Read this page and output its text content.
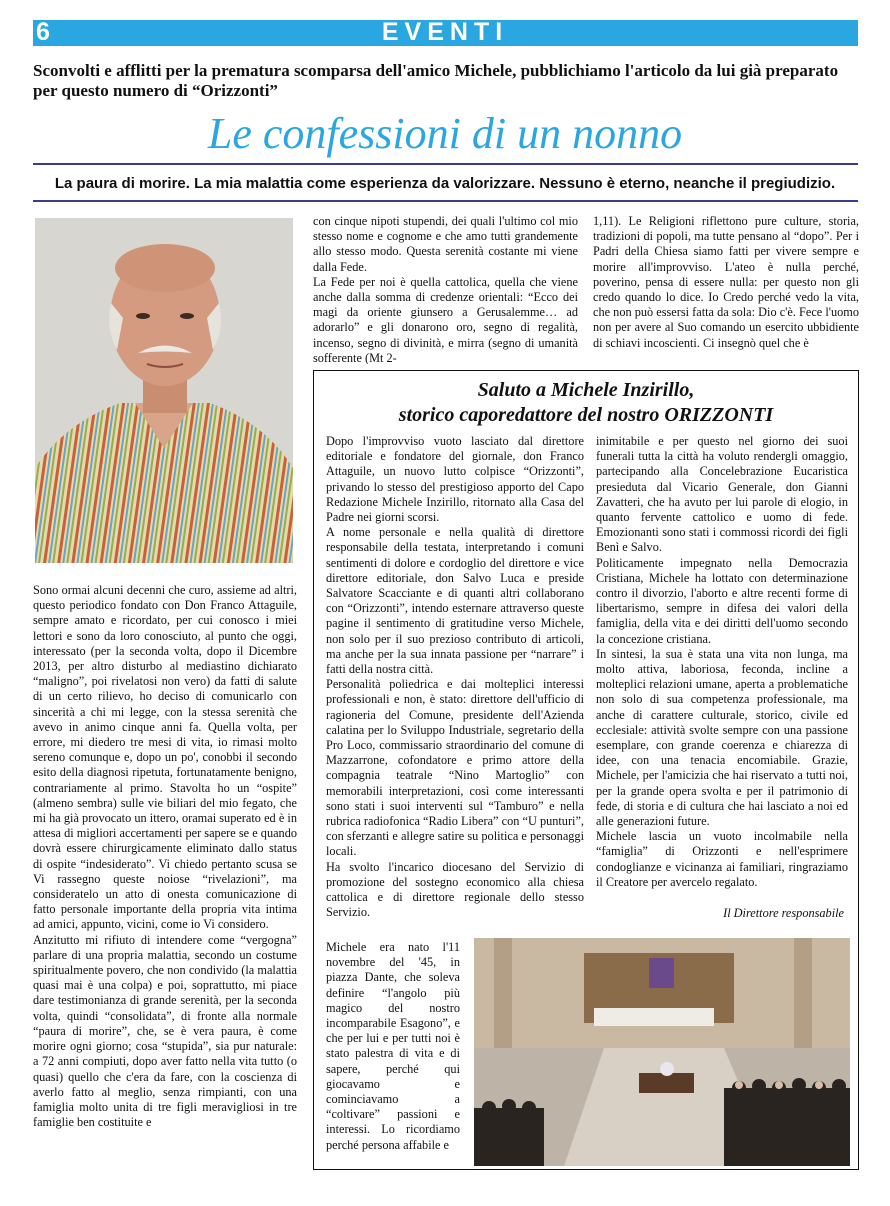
6	EVENTI
Sconvolti e afflitti per la prematura scomparsa dell'amico Michele, pubblichiamo l'articolo da lui già preparato per questo numero di “Orizzonti”
Le confessioni di un nonno
La paura di morire. La mia malattia come esperienza da valorizzare. Nessuno è eterno, neanche il pregiudizio.

Sono ormai alcuni decenni che curo, assieme ad altri, questo periodico fondato con Don Franco Attaguile, sempre amato e ricordato, per cui conosco i miei lettori e sono da loro conosciuto, al punto che oggi, interessato (per la seconda volta, dopo il Dicembre 2013, per altro disturbo al mediastino dichiarato “maligno”, poi rivelatosi non vero) da fatti di salute di un certo rilievo, ho deciso di comunicarlo con sincerità a chi mi legge, con la stessa serenità che avevo in animo cinque anni fa. Quella volta, per errore, mi diedero tre mesi di vita, io rimasi molto sereno comunque e, dopo un po', conobbi il secondo esito della diagnosi ripetuta, fortunatamente benigno, contrariamente al primo. Stavolta ho un “ospite” (almeno sembra) sulle vie biliari del mio fegato, che mi ha già provocato un ittero, oramai superato ed è in attesa di migliori accertamenti per sapere se e quando dovrà essere chirurgicamente eliminato dallo status di ospite “indesiderato”. Vi chiedo pertanto scusa se Vi rassegno queste noiose “rivelazioni”, ma consideratelo un atto di onesta comunicazione di fatto personale importante della propria vita intima ad amici, appunto, vicini, come io Vi considero.

Anzitutto mi rifiuto di intendere come “vergogna” parlare di una propria malattia, secondo un costume spiritualmente povero, che non condivido (la malattia quasi mai è una colpa) e poi, soprattutto, mi piace dare testimonianza di grande serenità, per la seconda volta, quindi “consolidata”, di fronte alla normale “paura di morire”, che, se è vera paura, è come morire ogni giorno; cosa “stupida”, sia pur naturale: a 72 anni compiuti, dopo aver fatto nella vita tutto (o quasi) quello che c'era da fare, con la coscienza di averlo fatto al meglio, senza rimpianti, con una famiglia molto unita di tre figli meravigliosi in tre famiglie ben costituite e

con cinque nipoti stupendi, dei quali l'ultimo col mio stesso nome e cognome e che amo tutti grandemente allo stesso modo. Questa serenità costante mi viene dalla Fede.

La Fede per noi è quella cattolica, quella che viene anche dalla somma di credenze orientali: “Ecco dei magi da oriente giunsero a Gerusalemme… ad adorarlo” e gli donarono oro, segno di regalità, incenso, segno di divinità, e mirra (segno di umanità sofferente (Mt 2-

1,11). Le Religioni riflettono pure culture, storia, tradizioni di popoli, ma tutte pensano al “dopo”. Per i Padri della Chiesa siamo fatti per vivere sempre e morire all'improvviso. L'ateo è nulla perché, poverino, pensa di essere nulla: per questo non gli credo quando lo dice. Io Credo perché vedo la vita, che non può essersi fatta da sola: Dio c'è. Fece l'uomo non per avere al Suo comando un esercito ubbidiente di schiavi incoscienti. Ci insegnò quel che è

Saluto a Michele Inzirillo,
storico caporedattore del nostro ORIZZONTI

Dopo l'improvviso vuoto lasciato dal direttore editoriale e fondatore del giornale, don Franco Attaguile, un nuovo lutto colpisce “Orizzonti”, privando lo stesso del prestigioso apporto del Capo Redazione Michele Inzirillo, ritornato alla Casa del Padre nei giorni scorsi.

A nome personale e nella qualità di direttore responsabile della testata, interpretando i comuni sentimenti di dolore e cordoglio del direttore e vice direttore editoriale, don Salvo Luca e preside Salvatore Scacciante e di quanti altri collaborano con “Orizzonti”, intendo esternare attraverso queste pagine il sentimento di gratitudine verso Michele, non solo per il suo prezioso contributo di articoli, ma anche per la sua innata passione per “narrare” i fatti della nostra città.

Personalità poliedrica e dai molteplici interessi professionali e non, è stato: direttore dell'ufficio di ragioneria del Comune, presidente dell'Azienda calatina per lo Sviluppo Industriale, segretario della Pro Loco, commissario straordinario del comune di Mazzarrone, cofondatore e primo attore della compagnia teatrale “Nino Martoglio” con memorabili interpretazioni, così come interessanti sono stati i suoi interventi sul “Tamburo” e nella rubrica radiofonica “Radio Libera” con “U punturi”, con sferzanti e allegre satire su politica e personaggi locali.

Ha svolto l'incarico diocesano del Servizio di promozione del sostegno economico alla chiesa cattolica e di direttore regionale dello stesso Servizio.

Michele era nato l'11 novembre del '45, in piazza Dante, che soleva definire “l'angolo più magico del nostro incomparabile Esagono”, e che per lui e per tutti noi è stato palestra di vita e di sapere, perché qui giocavamo e cominciavamo a “coltivare” passioni e interessi. Lo ricordiamo perché persona affabile e

inimitabile e per questo nel giorno dei suoi funerali tutta la città ha voluto rendergli omaggio, partecipando alla Concelebrazione Eucaristica presieduta dal Vicario Generale, don Gianni Zavatteri, che ha avuto per lui parole di elogio, in quanto fervente cattolico e uomo di fede. Emozionanti sono stati i commossi ricordi dei figli Benì e Salvo.

Politicamente impegnato nella Democrazia Cristiana, Michele ha lottato con determinazione contro il divorzio, l'aborto e altre recenti forme di libertarismo, sempre in difesa dei valori della famiglia, della vita e dei diritti dell'uomo secondo la concezione cristiana.

In sintesi, la sua è stata una vita non lunga, ma molto attiva, laboriosa, feconda, incline a molteplici relazioni umane, aperta a problematiche non solo di sua competenza professionale, ma anche di carattere culturale, storico, civile ed ecclesiale: attività svolte sempre con una passione esemplare, con grande coerenza e chiarezza di idee, con una tenacia encomiabile. Grazie, Michele, per l'amicizia che hai riservato a tutti noi, per la grande opera svolta e per il patrimonio di fede, di storia e di cultura che hai lasciato a noi ed alle generazioni future.

Michele lascia un vuoto incolmabile nella “famiglia” di Orizzonti e nell'esprimere condoglianze e vicinanza ai familiari, ringraziamo il Creatore per avercelo regalato.

Il Direttore responsabile
